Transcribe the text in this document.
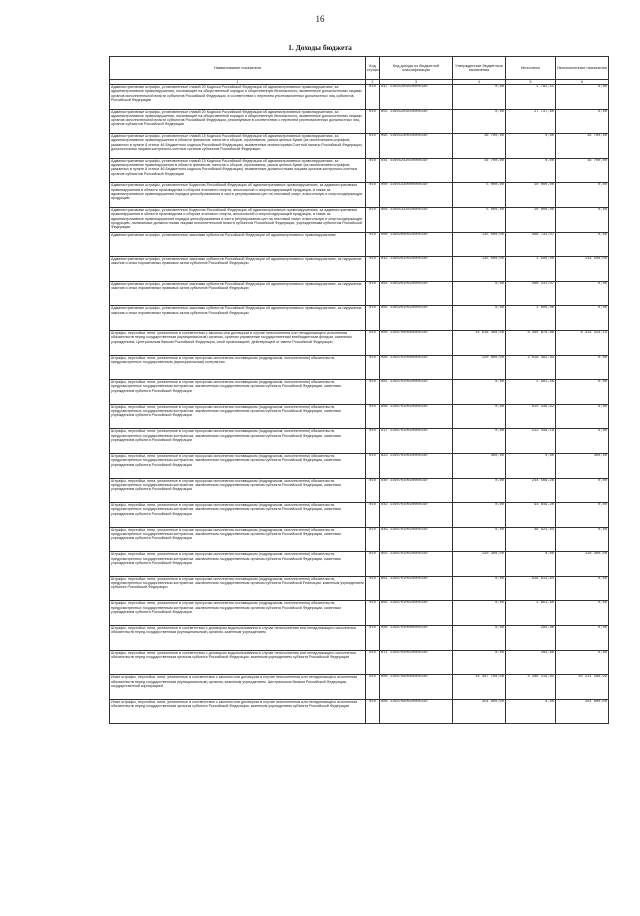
16
1. Доходы бюджета
Наименование показателя	Код строки	Код дохода по бюджетной классификации	Утвержденные бюджетные назначения	Исполнено	Неисполненные назначения
1	2	3	4	5	6
Административные штрафы, установленные главой 20 Кодекса Российской Федерации об административных правонарушениях, за административные правонарушения, посягающие на общественный порядок и общественную безопасность, выявленные должностными лицами органов исполнительной власти субъектов Российской Федерации, в соответствии с перечнем уполномоченных должностных лиц субъектов Российской Федерации	010	847 11601203010000140	0,00	1 782,51	0,00
Административные штрафы, установленные главой 20 Кодекса Российской Федерации об административных правонарушениях, за административные правонарушения, посягающие на общественный порядок и общественную безопасность, выявленные должностными лицами органов исполнительной власти субъектов Российской Федерации, реализуемые в соответствии с перечнем уполномоченных должностных лиц органов субъектов Российской Федерации	010	855 11601203010000140	0,00	27 737,60	0,00
Административные штрафы, установленные главой 15 Кодекса Российской Федерации об административных правонарушениях, за административные правонарушения в области финансов, налогов и сборов, страхования, рынка ценных бумаг (за исключением штрафов, указанных в пункте 6 статьи 46 Бюджетного кодекса Российской Федерации), выявленные инспекторами Счетной палаты Российской Федерации, должностными лицами контрольно-счетных органов субъектов Российской Федерации	010	095 11601240010000140	16 700,00	0,00	16 700,00
Административные штрафы, установленные главой 15 Кодекса Российской Федерации об административных правонарушениях, за административные правонарушения в области финансов, налогов и сборов, страхования, рынка ценных бумаг (за исключением штрафов, указанных в пункте 6 статьи 46 Бюджетного кодекса Российской Федерации), выявленные должностными лицами органов контрольно-счетных органов субъектов Российской Федерации	010	841 11601242010000140	16 700,00	0,00	16 700,00
Административные штрафы, установленные Кодексом Российской Федерации об административных правонарушениях, за административные правонарушения в области производства и оборота этилового спирта, алкогольной и спиртосодержащей продукции, а также за административные правонарушения порядка ценообразования в части регулирования цен на этиловый спирт, алкогольную и спиртосодержащую продукцию	010	000 11601330000000140	5 000,00	10 000,00	0,00
Административные штрафы, установленные Кодексом Российской Федерации об административных правонарушениях, за административные правонарушения в области производства и оборота этилового спирта, алкогольной и спиртосодержащей продукции, а также за административные правонарушения порядка ценообразования в части регулирования цен на этиловый спирт, алкогольную и спиртосодержащую продукцию, налагаемые должностными лицами исполнительной власти субъектов Российской Федерации, учрежденными субъектом Российской Федерации	010	804 11601332010000140	5 000,00	10 000,00	0,00
Административные штрафы, установленные законами субъектов Российской Федерации об административных правонарушениях	010	000 11602000020000140	135 000,00	468 731,07	0,00
Административные штрафы, установленные законами субъектов Российской Федерации об административных правонарушениях, за нарушение законов и иных нормативных правовых актов субъектов Российской Федерации	010	842 11602010020000140	135 000,00	1 500,00	133 500,00
Административные штрафы, установленные законами субъектов Российской Федерации об административных правонарушениях, за нарушение законов и иных нормативных правовых актов субъектов Российской Федерации	010	864 11602010020000140	0,00	466 231,07	0,00
Административные штрафы, установленные законами субъектов Российской Федерации об административных правонарушениях, за нарушение законов и иных нормативных правовых актов субъектов Российской Федерации	010	865 11602010020000140	0,00	1 000,00	0,00
Штрафы, неустойки, пени, уплаченные в соответствии с законом или договором в случае неисполнения или ненадлежащего исполнения обязательств перед государственным (муниципальным) органом, органом управления государственным внебюджетным фондом, казенным учреждением, Центральным банком Российской Федерации, иной организацией, действующей от имени Российской Федерации	010	000 11607000000000140	14 618 300,00	6 304 876,86	8 313 423,14
Штрафы, неустойки, пени, уплаченные в случае просрочки исполнения поставщиком (подрядчиком, исполнителем) обязательств, предусмотренных государственным (муниципальным) контрактом	010	000 11607010000000140	120 800,00	2 618 492,93	0,00
Штрафы, неустойки, пени, уплаченные в случае просрочки исполнения поставщиком (подрядчиком, исполнителем) обязательств, предусмотренных государственным контрактом, заключенным государственным органом субъекта Российской Федерации, казенным учреждением субъекта Российской Федерации	010	801 11607010020000140	0,00	2 981,56	0,00
Штрафы, неустойки, пени, уплаченные в случае просрочки исполнения поставщиком (подрядчиком, исполнителем) обязательств, предусмотренных государственным контрактом, заключенным государственным органом субъекта Российской Федерации, казенным учреждением субъекта Российской Федерации	010	806 11607010020000140	0,00	615 336,82	0,00
Штрафы, неустойки, пени, уплаченные в случае просрочки исполнения поставщиком (подрядчиком, исполнителем) обязательств, предусмотренных государственным контрактом, заключенным государственным органом субъекта Российской Федерации, казенным учреждением субъекта Российской Федерации	010	817 11607010020000140	0,00	512 446,19	0,00
Штрафы, неустойки, пени, уплаченные в случае просрочки исполнения поставщиком (подрядчиком, исполнителем) обязательств, предусмотренных государственным контрактом, заключенным государственным органом субъекта Российской Федерации, казенным учреждением субъекта Российской Федерации	010	823 11607010020000140	300,00	0,00	300,00
Штрафы, неустойки, пени, уплаченные в случае просрочки исполнения поставщиком (подрядчиком, исполнителем) обязательств, предусмотренных государственным контрактом, заключенным государственным органом субъекта Российской Федерации, казенным учреждением субъекта Российской Федерации	010	840 11607010020000140	0,00	234 566,26	0,00
Штрафы, неустойки, пени, уплаченные в случае просрочки исполнения поставщиком (подрядчиком, исполнителем) обязательств, предусмотренных государственным контрактом, заключенным государственным органом субъекта Российской Федерации, казенным учреждением субъекта Российской Федерации	010	842 11607010020000140	0,00	93 649,20	0,00
Штрафы, неустойки, пени, уплаченные в случае просрочки исполнения поставщиком (подрядчиком, исполнителем) обязательств, предусмотренных государственным контрактом, заключенным государственным органом субъекта Российской Федерации, казенным учреждением субъекта Российской Федерации	010	849 11607010020000140	0,00	36 923,04	0,00
Штрафы, неустойки, пени, уплаченные в случае просрочки исполнения поставщиком (подрядчиком, исполнителем) обязательств, предусмотренных государственным контрактом, заключенным государственным органом субъекта Российской Федерации, казенным учреждением субъекта Российской Федерации	010	855 11607010020000140	120 300,00	0,00	120 300,00
Штрафы, неустойки, пени, уплаченные в случае просрочки исполнения поставщиком (подрядчиком, исполнителем) обязательств, предусмотренных государственным контрактом, заключенным государственным органом субъекта Российской Federации, казенным учреждением субъекта Российской Федерации	010	861 11607010020000140	0,00	926 613,84	0,00
Штрафы, неустойки, пени, уплаченные в случае просрочки исполнения поставщиком (подрядчиком, исполнителем) обязательств, предусмотренных государственным контрактом, заключенным государственным органом субъекта Российской Федерации, казенным учреждением субъекта Российской Федерации	010	865 11607010020000140	0,00	2 851,60	0,00
Штрафы, неустойки, пени, уплаченные в соответствии с договором водопользования в случае неисполнения или ненадлежащего исполнения обязательств перед государственным (муниципальным) органом, казенным учреждением	010	000 11607040000000140	0,00	284,90	0,00
Штрафы, неустойки, пени, уплаченные в соответствии с договором водопользования в случае неисполнения или ненадлежащего исполнения обязательств перед государственным органом субъекта Российской Федерации, казенным учреждением субъекта Российской Федерации	010	871 11607040020000140	0,00	284,90	0,00
Иные штрафы, неустойки, пени, уплаченные в соответствии с законом или договором в случае неисполнения или ненадлежащего исполнения обязательств перед государственным (муниципальным) органом, казенным учреждением, Центральным банком Российской Федерации, государственной корпорацией	010	000 11607090000000140	14 497 700,00	4 286 119,01	10 211 580,99
Иные штрафы, неустойки, пени, уплаченные в соответствии с законом или договором в случае неисполнения или ненадлежащего исполнения обязательств перед государственным органом субъекта Российской Федерации, казенным учреждением субъекта Российской Федерации	010	806 11607090020000140	354 900,00	0,00	354 900,00
